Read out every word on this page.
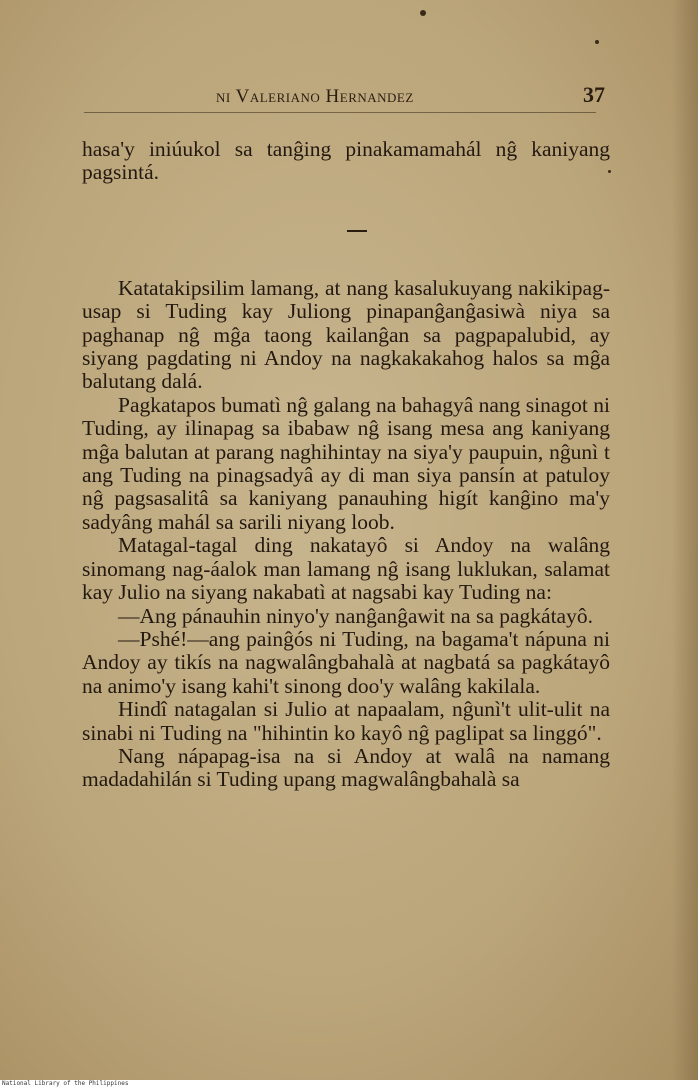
ni Valeriano Hernandez	37

hasa'y iniúukol sa tanĝing pinakamamahál nĝ kaniyang pagsintá.

Katatakipsilim lamang, at nang kasalukuyang nakikipag-usap si Tuding kay Juliong pinapanĝanĝasiwà niya sa paghanap nĝ mĝa taong kailanĝan sa pagpapalubid, ay siyang pagdating ni Andoy na nagkakakahog halos sa mĝa balutang dalá.

Pagkatapos bumatì nĝ galang na bahagyâ nang sinagot ni Tuding, ay ilinapag sa ibabaw nĝ isang mesa ang kaniyang mĝa balutan at parang naghihintay na siya'y paupuin, nĝunì t ang Tuding na pinagsadyâ ay di man siya pansín at patuloy nĝ pagsasalitâ sa kaniyang panauhing higít kanĝino ma'y sadyâng mahál sa sarili niyang loob.

Matagal-tagal ding nakatayô si Andoy na walâng sinomang nag-áalok man lamang nĝ isang luklukan, salamat kay Julio na siyang nakabatì at nagsabi kay Tuding na:

—Ang pánauhin ninyo'y nanĝanĝawit na sa pagkátayô.

—Pshé!—ang painĝós ni Tuding, na bagama't nápuna ni Andoy ay tikís na nagwalângbahalà at nagbatá sa pagkátayô na animo'y isang kahi't sinong doo'y walâng kakilala.

Hindî natagalan si Julio at napaalam, nĝunì't ulit-ulit na sinabi ni Tuding na "hihintin ko kayô nĝ paglipat sa linggó".

Nang nápapag-isa na si Andoy at walâ na namang madadahilán si Tuding upang magwalângbahalà sa

National Library of the Philippines
